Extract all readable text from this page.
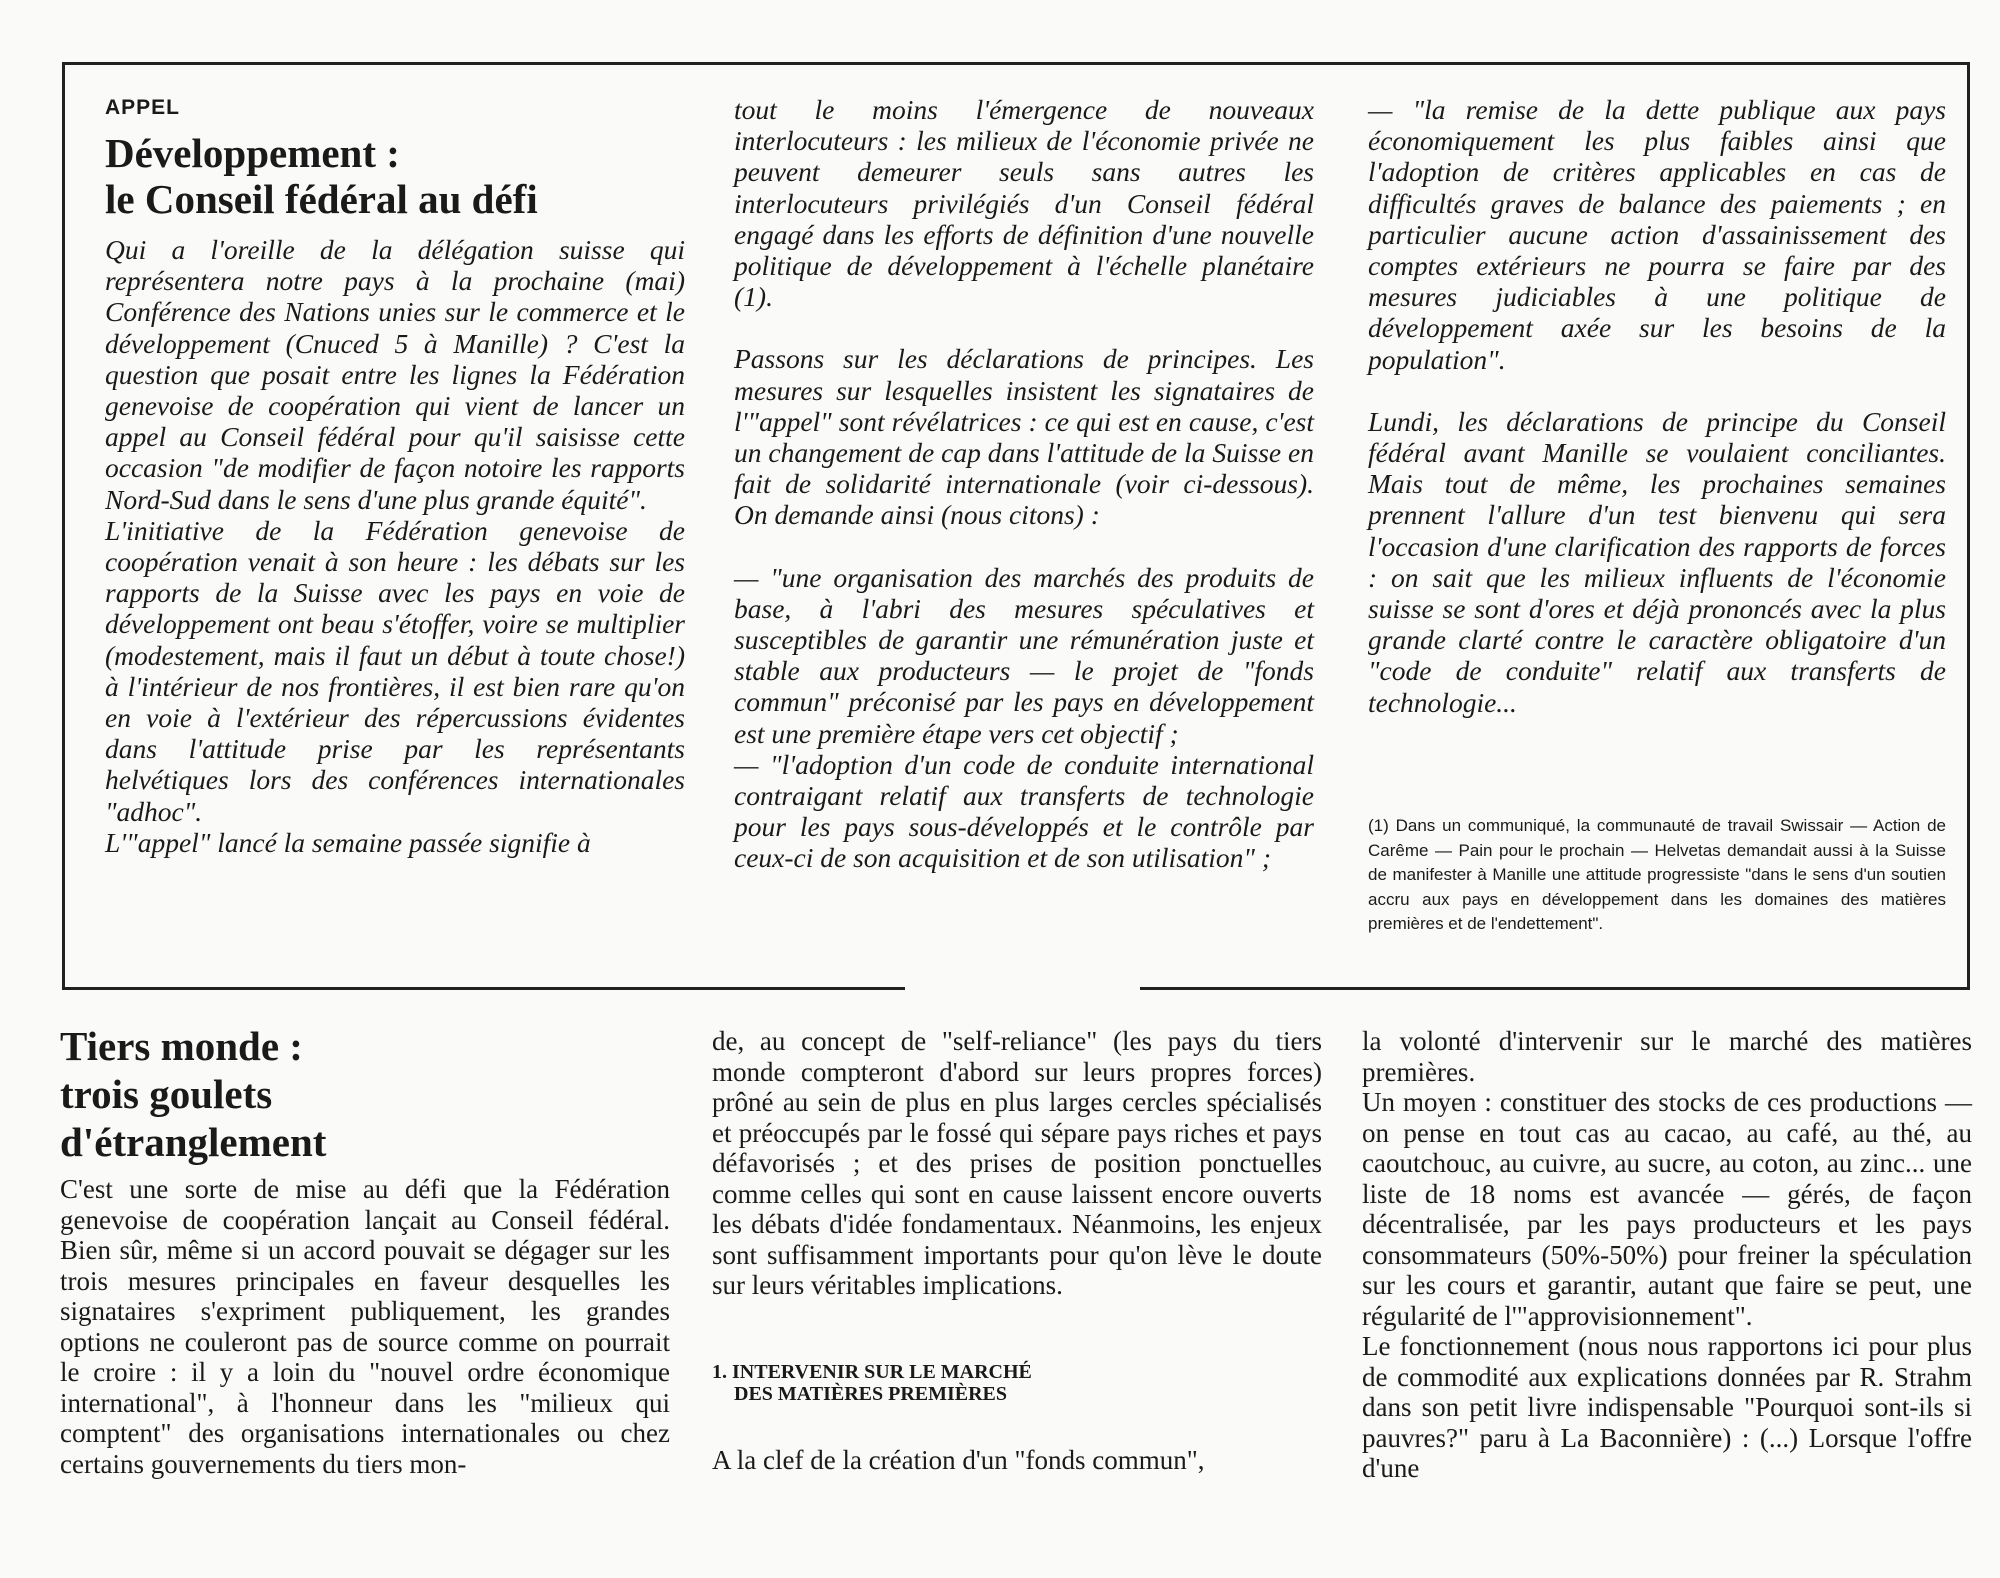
APPEL

Développement :
le Conseil fédéral au défi

Qui a l'oreille de la délégation suisse qui représentera notre pays à la prochaine (mai) Conférence des Nations unies sur le commerce et le développement (Cnuced 5 à Manille) ? C'est la question que posait entre les lignes la Fédération genevoise de coopération qui vient de lancer un appel au Conseil fédéral pour qu'il saisisse cette occasion "de modifier de façon notoire les rapports Nord-Sud dans le sens d'une plus grande équité".

L'initiative de la Fédération genevoise de coopération venait à son heure : les débats sur les rapports de la Suisse avec les pays en voie de développement ont beau s'étoffer, voire se multiplier (modestement, mais il faut un début à toute chose!) à l'intérieur de nos frontières, il est bien rare qu'on en voie à l'extérieur des répercussions évidentes dans l'attitude prise par les représentants helvétiques lors des conférences internationales "adhoc".

L'"appel" lancé la semaine passée signifie à

tout le moins l'émergence de nouveaux interlocuteurs : les milieux de l'économie privée ne peuvent demeurer seuls sans autres les interlocuteurs privilégiés d'un Conseil fédéral engagé dans les efforts de définition d'une nouvelle politique de développement à l'échelle planétaire (1).

Passons sur les déclarations de principes. Les mesures sur lesquelles insistent les signataires de l'"appel" sont révélatrices : ce qui est en cause, c'est un changement de cap dans l'attitude de la Suisse en fait de solidarité internationale (voir ci-dessous). On demande ainsi (nous citons) :

— "une organisation des marchés des produits de base, à l'abri des mesures spéculatives et susceptibles de garantir une rémunération juste et stable aux producteurs — le projet de "fonds commun" préconisé par les pays en développement est une première étape vers cet objectif ;

— "l'adoption d'un code de conduite international contraigant relatif aux transferts de technologie pour les pays sous-développés et le contrôle par ceux-ci de son acquisition et de son utilisation" ;

— "la remise de la dette publique aux pays économiquement les plus faibles ainsi que l'adoption de critères applicables en cas de difficultés graves de balance des paiements ; en particulier aucune action d'assainissement des comptes extérieurs ne pourra se faire par des mesures judiciables à une politique de développement axée sur les besoins de la population".

Lundi, les déclarations de principe du Conseil fédéral avant Manille se voulaient conciliantes. Mais tout de même, les prochaines semaines prennent l'allure d'un test bienvenu qui sera l'occasion d'une clarification des rapports de forces : on sait que les milieux influents de l'économie suisse se sont d'ores et déjà prononcés avec la plus grande clarté contre le caractère obligatoire d'un "code de conduite" relatif aux transferts de technologie...

(1) Dans un communiqué, la communauté de travail Swissair — Action de Carême — Pain pour le prochain — Helvetas demandait aussi à la Suisse de manifester à Manille une attitude progressiste "dans le sens d'un soutien accru aux pays en développement dans les domaines des matières premières et de l'endettement".

Tiers monde :
trois goulets
d'étranglement

C'est une sorte de mise au défi que la Fédération genevoise de coopération lançait au Conseil fédéral. Bien sûr, même si un accord pouvait se dégager sur les trois mesures principales en faveur desquelles les signataires s'expriment publiquement, les grandes options ne couleront pas de source comme on pourrait le croire : il y a loin du "nouvel ordre économique international", à l'honneur dans les "milieux qui comptent" des organisations internationales ou chez certains gouvernements du tiers mon-

de, au concept de "self-reliance" (les pays du tiers monde compteront d'abord sur leurs propres forces) prôné au sein de plus en plus larges cercles spécialisés et préoccupés par le fossé qui sépare pays riches et pays défavorisés ; et des prises de position ponctuelles comme celles qui sont en cause laissent encore ouverts les débats d'idée fondamentaux. Néanmoins, les enjeux sont suffisamment importants pour qu'on lève le doute sur leurs véritables implications.

1. INTERVENIR SUR LE MARCHÉ
DES MATIÈRES PREMIÈRES

A la clef de la création d'un "fonds commun",

la volonté d'intervenir sur le marché des matières premières.

Un moyen : constituer des stocks de ces productions — on pense en tout cas au cacao, au café, au thé, au caoutchouc, au cuivre, au sucre, au coton, au zinc... une liste de 18 noms est avancée — gérés, de façon décentralisée, par les pays producteurs et les pays consommateurs (50%-50%) pour freiner la spéculation sur les cours et garantir, autant que faire se peut, une régularité de l'"approvisionnement".

Le fonctionnement (nous nous rapportons ici pour plus de commodité aux explications données par R. Strahm dans son petit livre indispensable "Pourquoi sont-ils si pauvres?" paru à La Baconnière) : (...) Lorsque l'offre d'une
